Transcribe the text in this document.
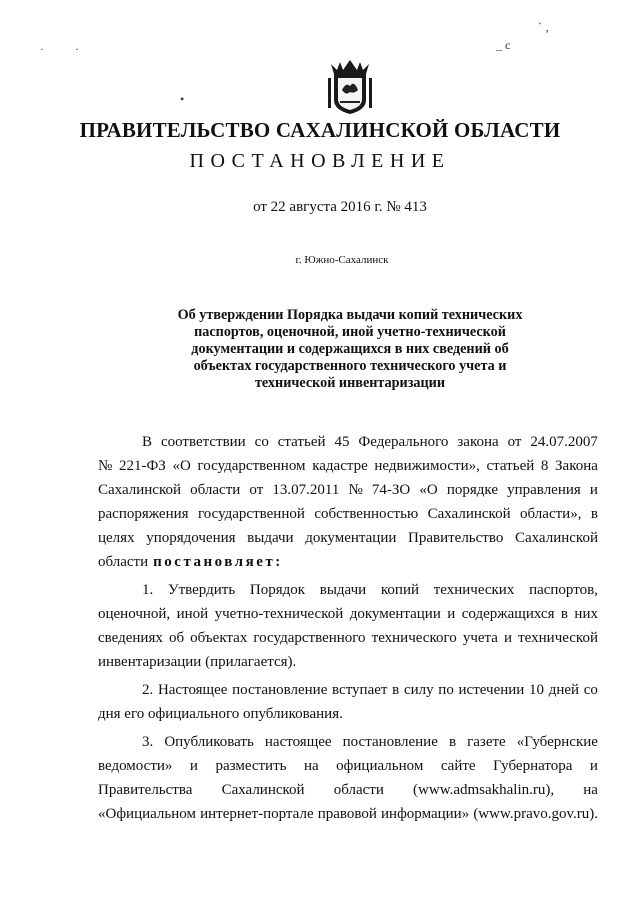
` ‚
_ c
·	·
•
ПРАВИТЕЛЬСТВО САХАЛИНСКОЙ ОБЛАСТИ
ПОСТАНОВЛЕНИЕ
от 22 августа 2016 г. № 413
г. Южно-Сахалинск
Об утверждении Порядка выдачи копий технических
паспортов, оценочной, иной учетно-технической
документации и содержащихся в них сведений об
объектах государственного технического учета и
технической инвентаризации
В соответствии со статьей 45 Федерального закона от 24.07.2007
№ 221-ФЗ «О государственном кадастре недвижимости», статьей 8 Закона
Сахалинской области от 13.07.2011 № 74-ЗО «О порядке управления и
распоряжения государственной собственностью Сахалинской области», в
целях упорядочения выдачи документации Правительство Сахалинской
области постановляет:
1. Утвердить Порядок выдачи копий технических паспортов,
оценочной, иной учетно-технической документации и содержащихся в них
сведениях об объектах государственного технического учета и технической
инвентаризации (прилагается).
2. Настоящее постановление вступает в силу по истечении 10 дней со
дня его официального опубликования.
3. Опубликовать настоящее постановление в газете «Губернские
ведомости» и разместить на официальном сайте Губернатора и
Правительства Сахалинской области (www.admsakhalin.ru), на
«Официальном интернет-портале правовой информации» (www.pravo.gov.ru).
